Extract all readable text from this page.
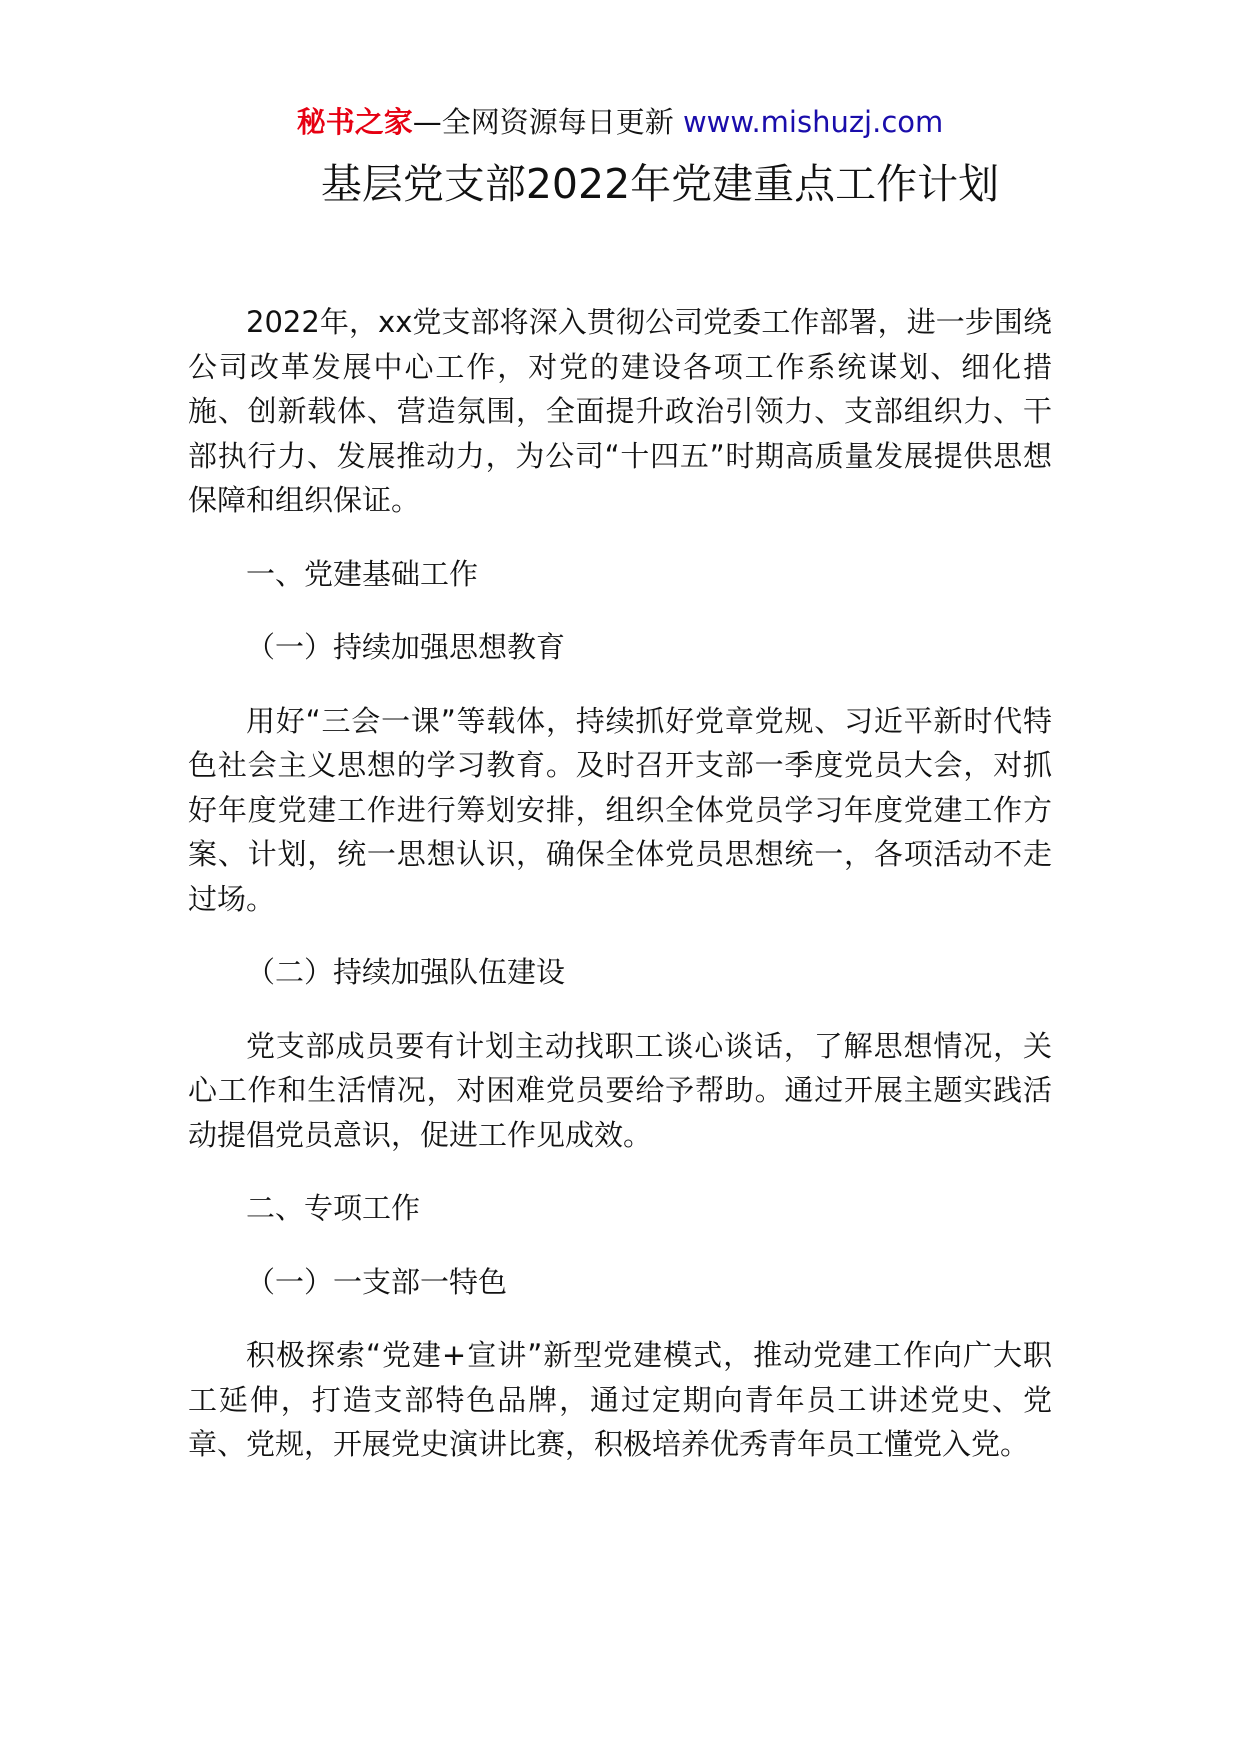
秘书之家—全网资源每日更新 www.mishuzj.com
基层党支部2022年党建重点工作计划

2022年，xx党支部将深入贯彻公司党委工作部署，进一步围绕公司改革发展中心工作，对党的建设各项工作系统谋划、细化措施、创新载体、营造氛围，全面提升政治引领力、支部组织力、干部执行力、发展推动力，为公司“十四五”时期高质量发展提供思想保障和组织保证。

一、党建基础工作

（一）持续加强思想教育

用好“三会一课”等载体，持续抓好党章党规、习近平新时代特色社会主义思想的学习教育。及时召开支部一季度党员大会，对抓好年度党建工作进行筹划安排，组织全体党员学习年度党建工作方案、计划，统一思想认识，确保全体党员思想统一，各项活动不走过场。

（二）持续加强队伍建设

党支部成员要有计划主动找职工谈心谈话，了解思想情况，关心工作和生活情况，对困难党员要给予帮助。通过开展主题实践活动提倡党员意识，促进工作见成效。

二、专项工作

（一）一支部一特色

积极探索“党建+宣讲”新型党建模式，推动党建工作向广大职工延伸，打造支部特色品牌，通过定期向青年员工讲述党史、党章、党规，开展党史演讲比赛，积极培养优秀青年员工懂党入党。
